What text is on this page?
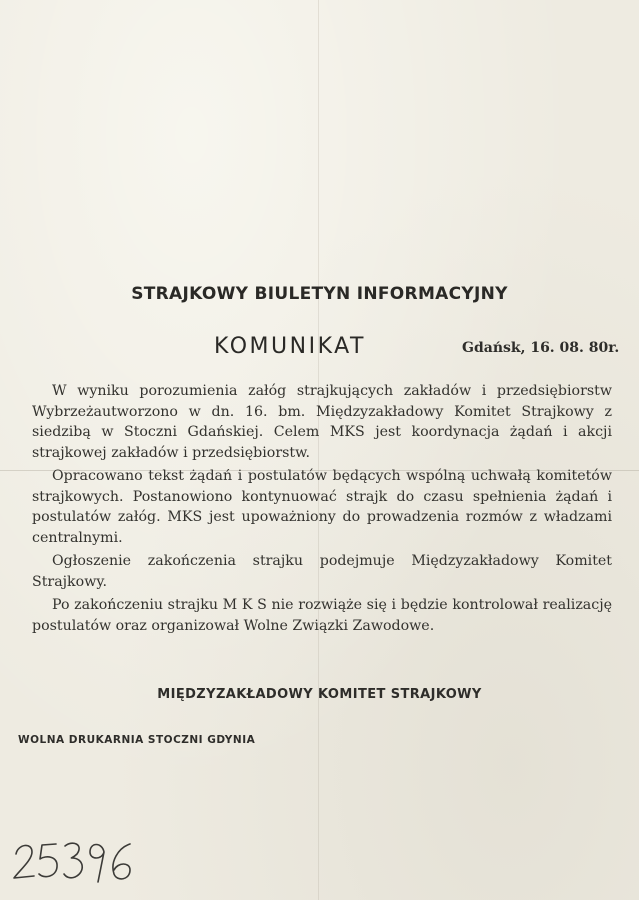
STRAJKOWY BIULETYN INFORMACYJNY
KOMUNIKAT	Gdańsk, 16. 08. 80r.

W wyniku porozumienia załóg strajkujących zakładów i przedsiębiorstw Wybrzeżautworzono w dn. 16. bm. Międzyzakładowy Komitet Strajkowy z siedzibą w Stoczni Gdańskiej. Celem MKS jest koordynacja żądań i akcji strajkowej zakładów i przedsiębiorstw.

Opracowano tekst żądań i postulatów będących wspólną uchwałą komitetów strajkowych. Postanowiono kontynuować strajk do czasu spełnienia żądań i postulatów załóg. MKS jest upoważniony do prowadzenia rozmów z władzami centralnymi.

Ogłoszenie zakończenia strajku podejmuje Międzyzakładowy Komitet Strajkowy.

Po zakończeniu strajku M K S nie rozwiąże się i będzie kontrolował realizację postulatów oraz organizował Wolne Związki Zawodowe.

MIĘDZYZAKŁADOWY KOMITET STRAJKOWY
WOLNA DRUKARNIA STOCZNI GDYNIA
